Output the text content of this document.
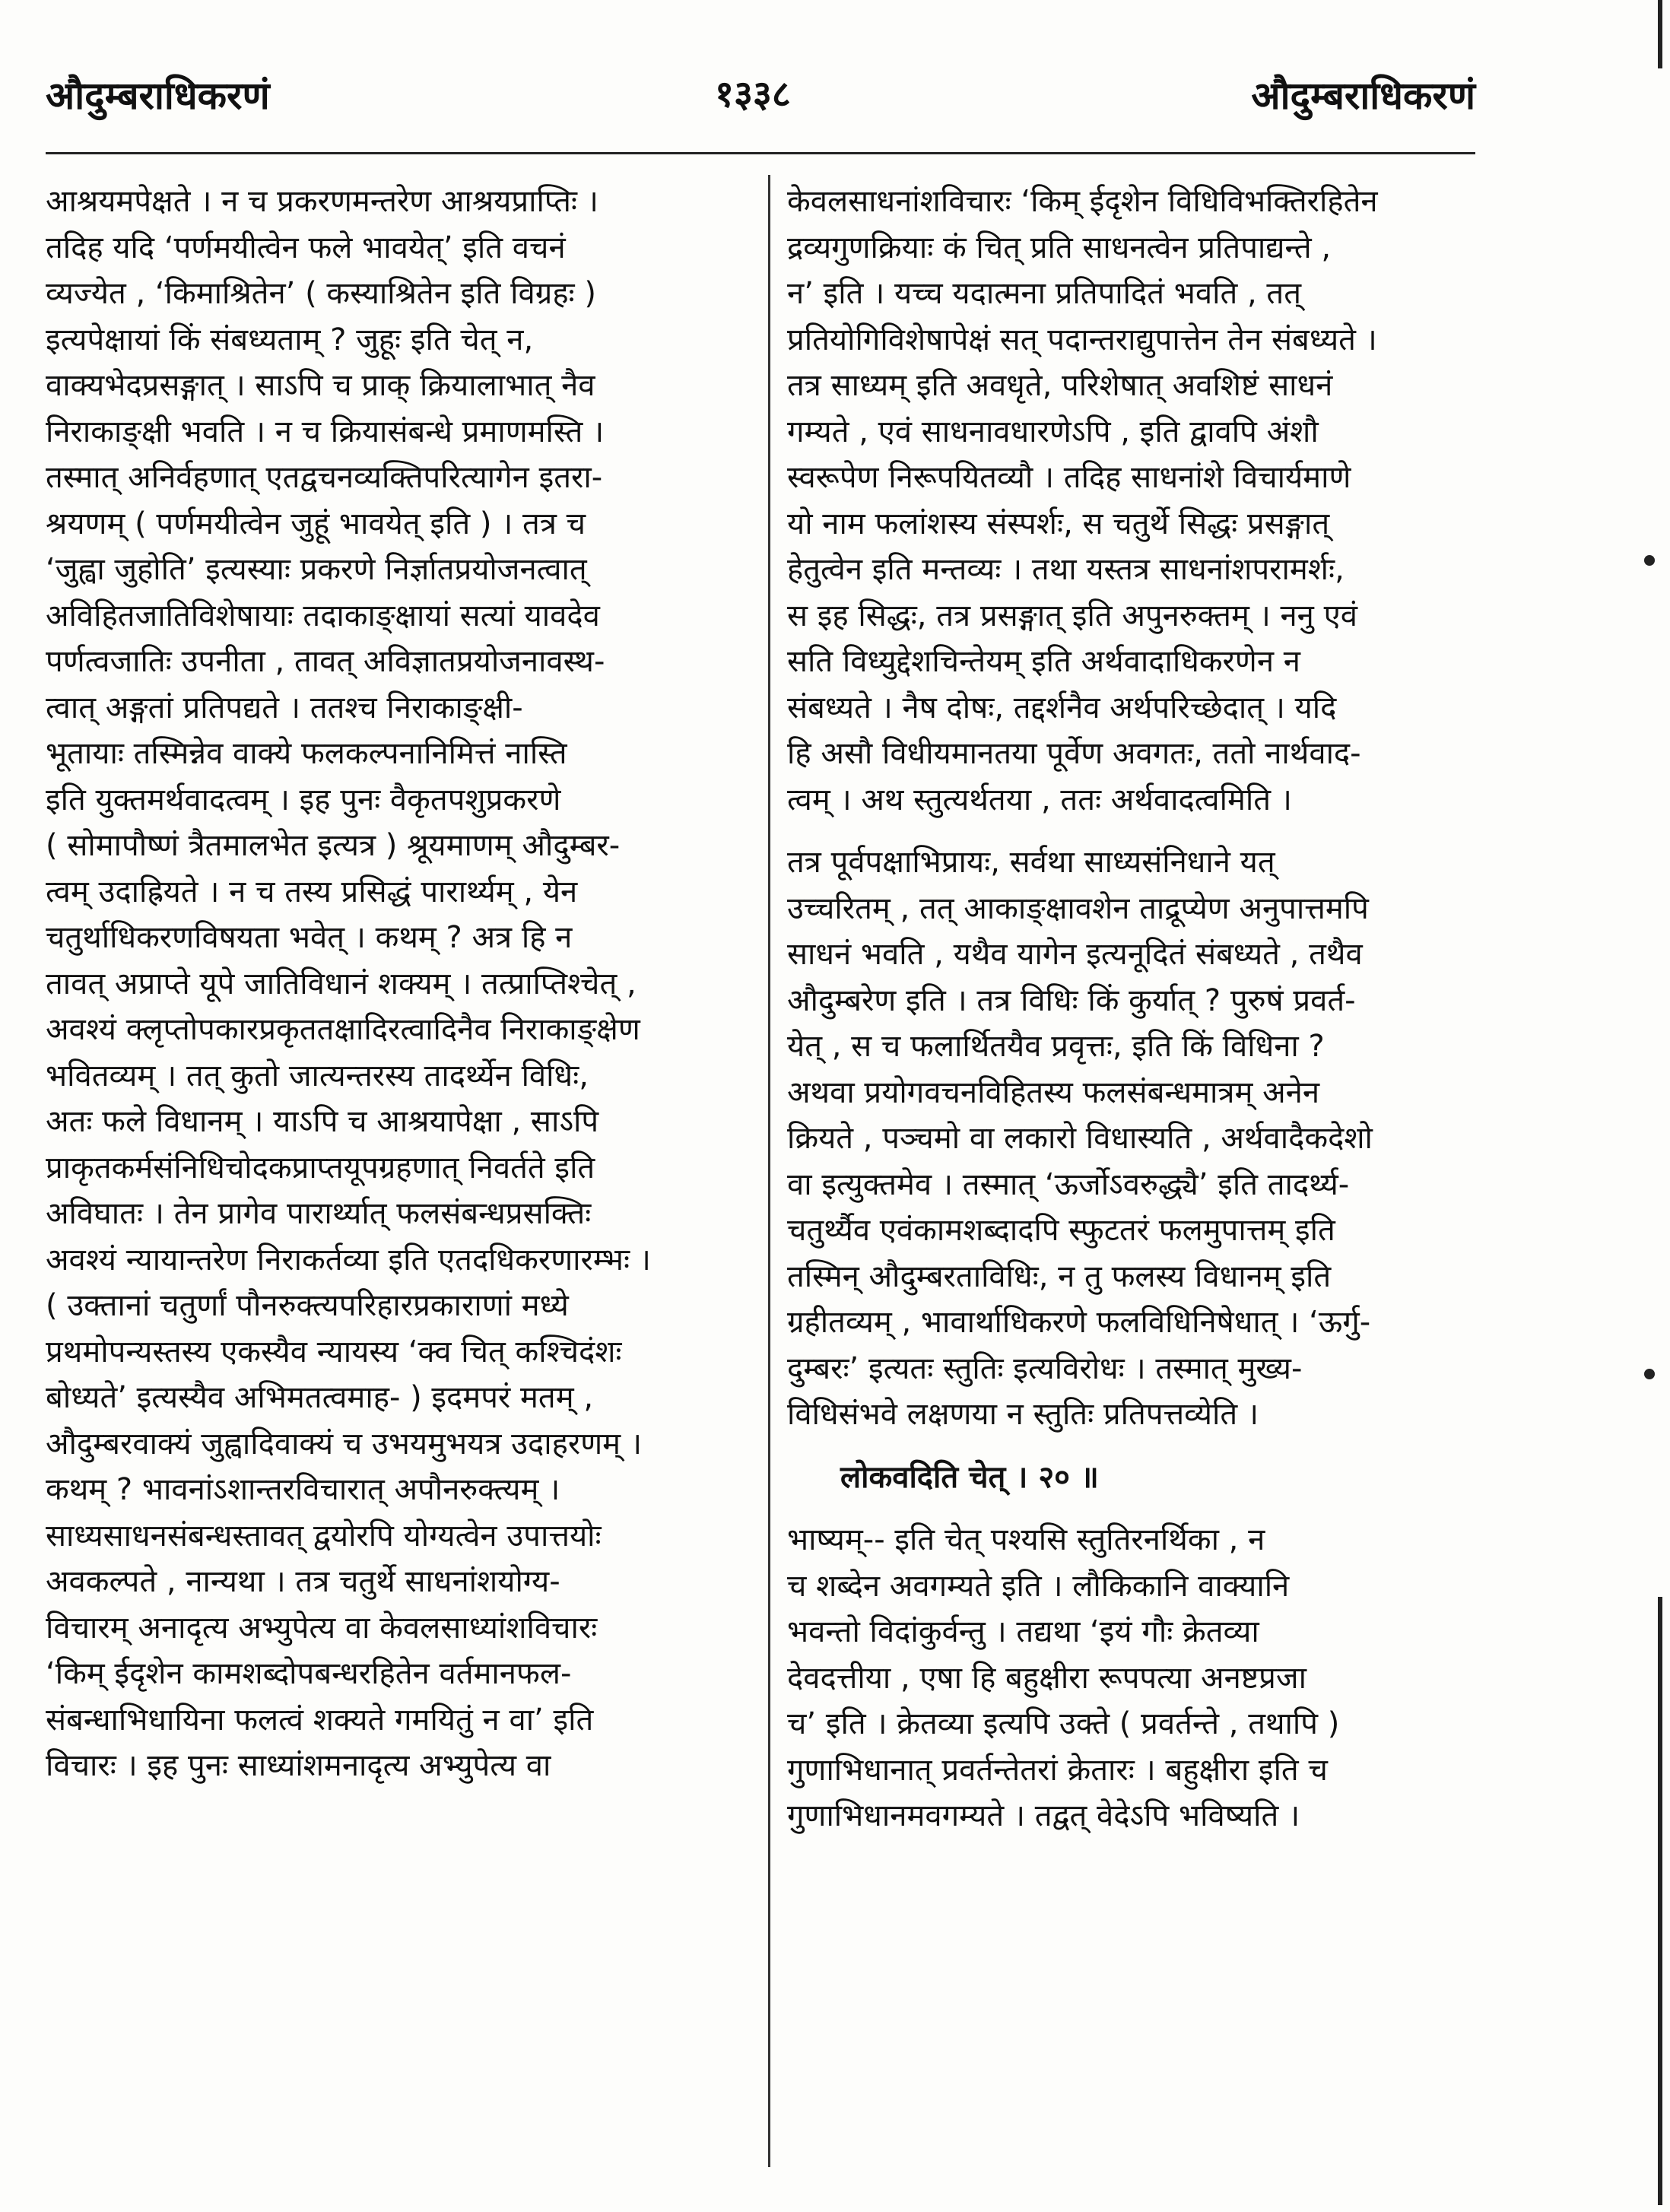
औदुम्बराधिकरणं	१३३८	औदुम्बराधिकरणं

आश्रयमपेक्षते । न च प्रकरणमन्तरेण आश्रयप्राप्तिः ।

तदिह यदि ‘पर्णमयीत्वेन फले भावयेत्’ इति वचनं

व्यज्येत , ‘किमाश्रितेन’ ( कस्याश्रितेन इति विग्रहः )

इत्यपेक्षायां किं संबध्यताम् ? जुहूः इति चेत् न,

वाक्यभेदप्रसङ्गात् । साऽपि च प्राक् क्रियालाभात् नैव

निराकाङ्क्षी भवति । न च क्रियासंबन्धे प्रमाणमस्ति ।

तस्मात् अनिर्वहणात् एतद्वचनव्यक्तिपरित्यागेन इतरा-

श्रयणम् ( पर्णमयीत्वेन जुहूं भावयेत् इति ) । तत्र च

‘जुह्वा जुहोति’ इत्यस्याः प्रकरणे निर्ज्ञातप्रयोजनत्वात्

अविहितजातिविशेषायाः तदाकाङ्क्षायां सत्यां यावदेव

पर्णत्वजातिः उपनीता , तावत् अविज्ञातप्रयोजनावस्थ-

त्वात् अङ्गतां प्रतिपद्यते । ततश्च निराकाङ्क्षी-

भूतायाः तस्मिन्नेव वाक्ये फलकल्पनानिमित्तं नास्ति

इति युक्तमर्थवादत्वम् । इह पुनः वैकृतपशुप्रकरणे

( सोमापौष्णं त्रैतमालभेत इत्यत्र ) श्रूयमाणम् औदुम्बर-

त्वम् उदाह्रियते । न च तस्य प्रसिद्धं पारार्थ्यम् , येन

चतुर्थाधिकरणविषयता भवेत् । कथम् ? अत्र हि न

तावत् अप्राप्ते यूपे जातिविधानं शक्यम् । तत्प्राप्तिश्चेत् ,

अवश्यं क्लृप्तोपकारप्रकृततक्षादिरत्वादिनैव निराकाङ्क्षेण

भवितव्यम् । तत् कुतो जात्यन्तरस्य तादर्थ्येन विधिः,

अतः फले विधानम् । याऽपि च आश्रयापेक्षा , साऽपि

प्राकृतकर्मसंनिधिचोदकप्राप्तयूपग्रहणात् निवर्तते इति

अविघातः । तेन प्रागेव पारार्थ्यात् फलसंबन्धप्रसक्तिः

अवश्यं न्यायान्तरेण निराकर्तव्या इति एतदधिकरणारम्भः ।

( उक्तानां चतुर्णां पौनरुक्त्यपरिहारप्रकाराणां मध्ये

प्रथमोपन्यस्तस्य एकस्यैव न्यायस्य ‘क्व चित् कश्चिदंशः

बोध्यते’ इत्यस्यैव अभिमतत्वमाह- ) इदमपरं मतम् ,

औदुम्बरवाक्यं जुह्वादिवाक्यं च उभयमुभयत्र उदाहरणम् ।

कथम् ? भावनांऽशान्तरविचारात् अपौनरुक्त्यम् ।

साध्यसाधनसंबन्धस्तावत् द्वयोरपि योग्यत्वेन उपात्तयोः

अवकल्पते , नान्यथा । तत्र चतुर्थे साधनांशयोग्य-

विचारम् अनादृत्य अभ्युपेत्य वा केवलसाध्यांशविचारः

‘किम् ईदृशेन कामशब्दोपबन्धरहितेन वर्तमानफल-

संबन्धाभिधायिना फलत्वं शक्यते गमयितुं न वा’ इति

विचारः । इह पुनः साध्यांशमनादृत्य अभ्युपेत्य वा

केवलसाधनांशविचारः ‘किम् ईदृशेन विधिविभक्तिरहितेन

द्रव्यगुणक्रियाः कं चित् प्रति साधनत्वेन प्रतिपाद्यन्ते ,

न’ इति । यच्च यदात्मना प्रतिपादितं भवति , तत्

प्रतियोगिविशेषापेक्षं सत् पदान्तराद्युपात्तेन तेन संबध्यते ।

तत्र साध्यम् इति अवधृते, परिशेषात् अवशिष्टं साधनं

गम्यते , एवं साधनावधारणेऽपि , इति द्वावपि अंशौ

स्वरूपेण निरूपयितव्यौ । तदिह साधनांशे विचार्यमाणे

यो नाम फलांशस्य संस्पर्शः, स चतुर्थे सिद्धः प्रसङ्गात्

हेतुत्वेन इति मन्तव्यः । तथा यस्तत्र साधनांशपरामर्शः,

स इह सिद्धः, तत्र प्रसङ्गात् इति अपुनरुक्तम् । ननु एवं

सति विध्युद्देशचिन्तेयम् इति अर्थवादाधिकरणेन न

संबध्यते । नैष दोषः, तद्दर्शनैव अर्थपरिच्छेदात् । यदि

हि असौ विधीयमानतया पूर्वेण अवगतः, ततो नार्थवाद-

त्वम् । अथ स्तुत्यर्थतया , ततः अर्थवादत्वमिति ।

तत्र पूर्वपक्षाभिप्रायः, सर्वथा साध्यसंनिधाने यत्

उच्चरितम् , तत् आकाङ्क्षावशेन ताद्रूप्येण अनुपात्तमपि

साधनं भवति , यथैव यागेन इत्यनूदितं संबध्यते , तथैव

औदुम्बरेण इति । तत्र विधिः किं कुर्यात् ? पुरुषं प्रवर्त-

येत् , स च फलार्थितयैव प्रवृत्तः, इति किं विधिना ?

अथवा प्रयोगवचनविहितस्य फलसंबन्धमात्रम् अनेन

क्रियते , पञ्चमो वा लकारो विधास्यति , अर्थवादैकदेशो

वा इत्युक्तमेव । तस्मात् ‘ऊर्जोऽवरुद्ध्यै’ इति तादर्थ्य-

चतुर्थ्यैव एवंकामशब्दादपि स्फुटतरं फलमुपात्तम् इति

तस्मिन् औदुम्बरताविधिः, न तु फलस्य विधानम् इति

ग्रहीतव्यम् , भावार्थाधिकरणे फलविधिनिषेधात् । ‘ऊर्गु-

दुम्बरः’ इत्यतः स्तुतिः इत्यविरोधः । तस्मात् मुख्य-

विधिसंभवे लक्षणया न स्तुतिः प्रतिपत्तव्येति ।

लोकवदिति चेत् । २० ॥

भाष्यम्-- इति चेत् पश्यसि स्तुतिरनर्थिका , न

च शब्देन अवगम्यते इति । लौकिकानि वाक्यानि

भवन्तो विदांकुर्वन्तु । तद्यथा ‘इयं गौः क्रेतव्या

देवदत्तीया , एषा हि बहुक्षीरा रूपपत्या अनष्टप्रजा

च’ इति । क्रेतव्या इत्यपि उक्ते ( प्रवर्तन्ते , तथापि )

गुणाभिधानात् प्रवर्तन्तेतरां क्रेतारः । बहुक्षीरा इति च

गुणाभिधानमवगम्यते । तद्वत् वेदेऽपि भविष्यति ।
